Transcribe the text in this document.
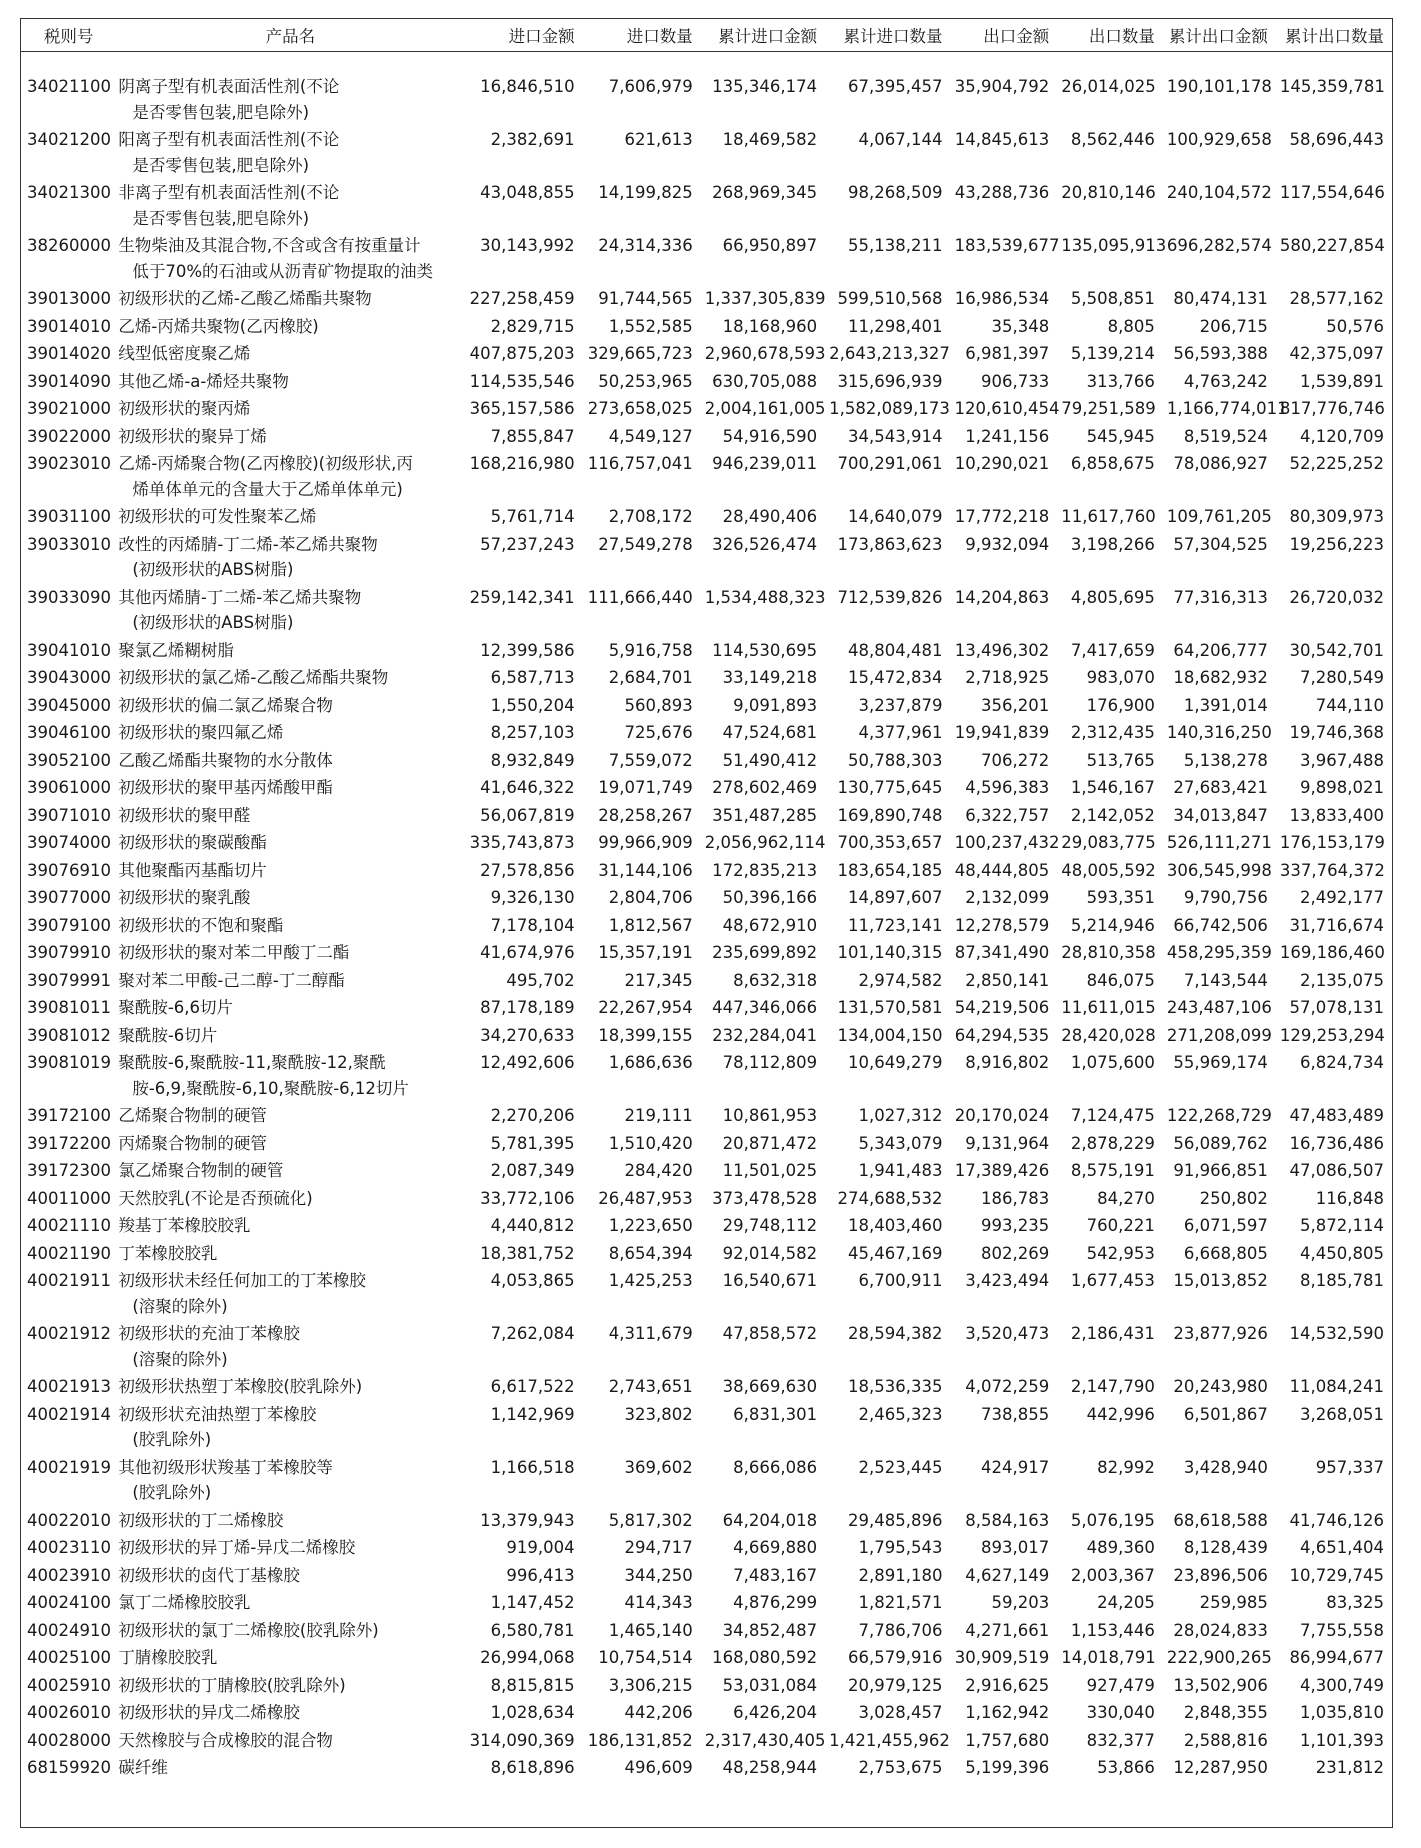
税则号	产品名	进口金额	进口数量	累计进口金额	累计进口数量	出口金额	出口数量	累计出口金额	累计出口数量

34021100	阴离子型有机表面活性剂(不论
是否零售包装,肥皂除外)	16,846,510	7,606,979	135,346,174	67,395,457	35,904,792	26,014,025	190,101,178	145,359,781
34021200	阳离子型有机表面活性剂(不论
是否零售包装,肥皂除外)	2,382,691	621,613	18,469,582	4,067,144	14,845,613	8,562,446	100,929,658	58,696,443
34021300	非离子型有机表面活性剂(不论
是否零售包装,肥皂除外)	43,048,855	14,199,825	268,969,345	98,268,509	43,288,736	20,810,146	240,104,572	117,554,646
38260000	生物柴油及其混合物,不含或含有按重量计
低于70%的石油或从沥青矿物提取的油类	30,143,992	24,314,336	66,950,897	55,138,211	183,539,677	135,095,913	696,282,574	580,227,854
39013000	初级形状的乙烯-乙酸乙烯酯共聚物	227,258,459	91,744,565	1,337,305,839	599,510,568	16,986,534	5,508,851	80,474,131	28,577,162
39014010	乙烯-丙烯共聚物(乙丙橡胶)	2,829,715	1,552,585	18,168,960	11,298,401	35,348	8,805	206,715	50,576
39014020	线型低密度聚乙烯	407,875,203	329,665,723	2,960,678,593	2,643,213,327	6,981,397	5,139,214	56,593,388	42,375,097
39014090	其他乙烯-a-烯烃共聚物	114,535,546	50,253,965	630,705,088	315,696,939	906,733	313,766	4,763,242	1,539,891
39021000	初级形状的聚丙烯	365,157,586	273,658,025	2,004,161,005	1,582,089,173	120,610,454	79,251,589	1,166,774,011	817,776,746
39022000	初级形状的聚异丁烯	7,855,847	4,549,127	54,916,590	34,543,914	1,241,156	545,945	8,519,524	4,120,709
39023010	乙烯-丙烯聚合物(乙丙橡胶)(初级形状,丙
烯单体单元的含量大于乙烯单体单元)	168,216,980	116,757,041	946,239,011	700,291,061	10,290,021	6,858,675	78,086,927	52,225,252
39031100	初级形状的可发性聚苯乙烯	5,761,714	2,708,172	28,490,406	14,640,079	17,772,218	11,617,760	109,761,205	80,309,973
39033010	改性的丙烯腈-丁二烯-苯乙烯共聚物
(初级形状的ABS树脂)	57,237,243	27,549,278	326,526,474	173,863,623	9,932,094	3,198,266	57,304,525	19,256,223
39033090	其他丙烯腈-丁二烯-苯乙烯共聚物
(初级形状的ABS树脂)	259,142,341	111,666,440	1,534,488,323	712,539,826	14,204,863	4,805,695	77,316,313	26,720,032
39041010	聚氯乙烯糊树脂	12,399,586	5,916,758	114,530,695	48,804,481	13,496,302	7,417,659	64,206,777	30,542,701
39043000	初级形状的氯乙烯-乙酸乙烯酯共聚物	6,587,713	2,684,701	33,149,218	15,472,834	2,718,925	983,070	18,682,932	7,280,549
39045000	初级形状的偏二氯乙烯聚合物	1,550,204	560,893	9,091,893	3,237,879	356,201	176,900	1,391,014	744,110
39046100	初级形状的聚四氟乙烯	8,257,103	725,676	47,524,681	4,377,961	19,941,839	2,312,435	140,316,250	19,746,368
39052100	乙酸乙烯酯共聚物的水分散体	8,932,849	7,559,072	51,490,412	50,788,303	706,272	513,765	5,138,278	3,967,488
39061000	初级形状的聚甲基丙烯酸甲酯	41,646,322	19,071,749	278,602,469	130,775,645	4,596,383	1,546,167	27,683,421	9,898,021
39071010	初级形状的聚甲醛	56,067,819	28,258,267	351,487,285	169,890,748	6,322,757	2,142,052	34,013,847	13,833,400
39074000	初级形状的聚碳酸酯	335,743,873	99,966,909	2,056,962,114	700,353,657	100,237,432	29,083,775	526,111,271	176,153,179
39076910	其他聚酯丙基酯切片	27,578,856	31,144,106	172,835,213	183,654,185	48,444,805	48,005,592	306,545,998	337,764,372
39077000	初级形状的聚乳酸	9,326,130	2,804,706	50,396,166	14,897,607	2,132,099	593,351	9,790,756	2,492,177
39079100	初级形状的不饱和聚酯	7,178,104	1,812,567	48,672,910	11,723,141	12,278,579	5,214,946	66,742,506	31,716,674
39079910	初级形状的聚对苯二甲酸丁二酯	41,674,976	15,357,191	235,699,892	101,140,315	87,341,490	28,810,358	458,295,359	169,186,460
39079991	聚对苯二甲酸-己二醇-丁二醇酯	495,702	217,345	8,632,318	2,974,582	2,850,141	846,075	7,143,544	2,135,075
39081011	聚酰胺-6,6切片	87,178,189	22,267,954	447,346,066	131,570,581	54,219,506	11,611,015	243,487,106	57,078,131
39081012	聚酰胺-6切片	34,270,633	18,399,155	232,284,041	134,004,150	64,294,535	28,420,028	271,208,099	129,253,294
39081019	聚酰胺-6,聚酰胺-11,聚酰胺-12,聚酰
胺-6,9,聚酰胺-6,10,聚酰胺-6,12切片	12,492,606	1,686,636	78,112,809	10,649,279	8,916,802	1,075,600	55,969,174	6,824,734
39172100	乙烯聚合物制的硬管	2,270,206	219,111	10,861,953	1,027,312	20,170,024	7,124,475	122,268,729	47,483,489
39172200	丙烯聚合物制的硬管	5,781,395	1,510,420	20,871,472	5,343,079	9,131,964	2,878,229	56,089,762	16,736,486
39172300	氯乙烯聚合物制的硬管	2,087,349	284,420	11,501,025	1,941,483	17,389,426	8,575,191	91,966,851	47,086,507
40011000	天然胶乳(不论是否预硫化)	33,772,106	26,487,953	373,478,528	274,688,532	186,783	84,270	250,802	116,848
40021110	羧基丁苯橡胶胶乳	4,440,812	1,223,650	29,748,112	18,403,460	993,235	760,221	6,071,597	5,872,114
40021190	丁苯橡胶胶乳	18,381,752	8,654,394	92,014,582	45,467,169	802,269	542,953	6,668,805	4,450,805
40021911	初级形状未经任何加工的丁苯橡胶
(溶聚的除外)	4,053,865	1,425,253	16,540,671	6,700,911	3,423,494	1,677,453	15,013,852	8,185,781
40021912	初级形状的充油丁苯橡胶
(溶聚的除外)	7,262,084	4,311,679	47,858,572	28,594,382	3,520,473	2,186,431	23,877,926	14,532,590
40021913	初级形状热塑丁苯橡胶(胶乳除外)	6,617,522	2,743,651	38,669,630	18,536,335	4,072,259	2,147,790	20,243,980	11,084,241
40021914	初级形状充油热塑丁苯橡胶
(胶乳除外)	1,142,969	323,802	6,831,301	2,465,323	738,855	442,996	6,501,867	3,268,051
40021919	其他初级形状羧基丁苯橡胶等
(胶乳除外)	1,166,518	369,602	8,666,086	2,523,445	424,917	82,992	3,428,940	957,337
40022010	初级形状的丁二烯橡胶	13,379,943	5,817,302	64,204,018	29,485,896	8,584,163	5,076,195	68,618,588	41,746,126
40023110	初级形状的异丁烯-异戊二烯橡胶	919,004	294,717	4,669,880	1,795,543	893,017	489,360	8,128,439	4,651,404
40023910	初级形状的卤代丁基橡胶	996,413	344,250	7,483,167	2,891,180	4,627,149	2,003,367	23,896,506	10,729,745
40024100	氯丁二烯橡胶胶乳	1,147,452	414,343	4,876,299	1,821,571	59,203	24,205	259,985	83,325
40024910	初级形状的氯丁二烯橡胶(胶乳除外)	6,580,781	1,465,140	34,852,487	7,786,706	4,271,661	1,153,446	28,024,833	7,755,558
40025100	丁腈橡胶胶乳	26,994,068	10,754,514	168,080,592	66,579,916	30,909,519	14,018,791	222,900,265	86,994,677
40025910	初级形状的丁腈橡胶(胶乳除外)	8,815,815	3,306,215	53,031,084	20,979,125	2,916,625	927,479	13,502,906	4,300,749
40026010	初级形状的异戊二烯橡胶	1,028,634	442,206	6,426,204	3,028,457	1,162,942	330,040	2,848,355	1,035,810
40028000	天然橡胶与合成橡胶的混合物	314,090,369	186,131,852	2,317,430,405	1,421,455,962	1,757,680	832,377	2,588,816	1,101,393
68159920	碳纤维	8,618,896	496,609	48,258,944	2,753,675	5,199,396	53,866	12,287,950	231,812
